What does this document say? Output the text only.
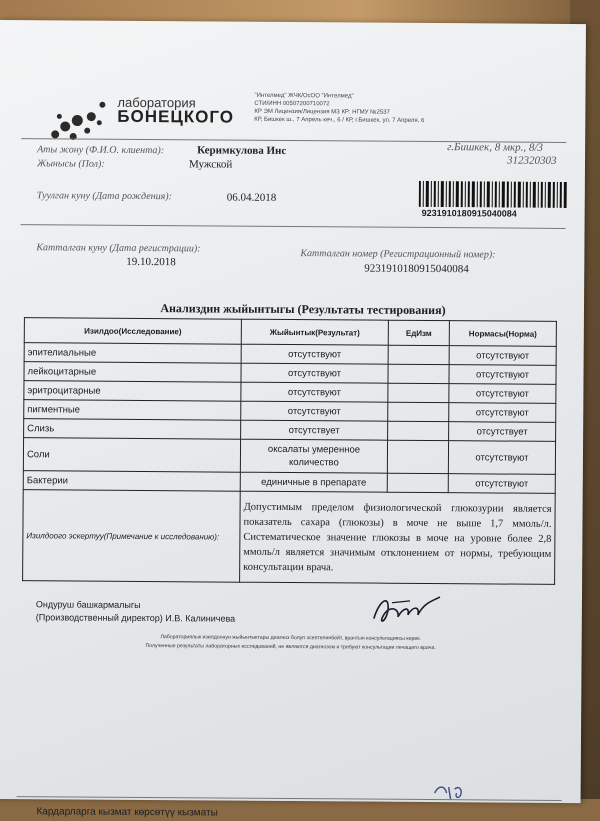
лаборатория
БОНЕЦКОГО
"Интелмед" ЖЧК/ОсОО "Интелмед"
СТИ/ИНН 00507200710072
КР ЭМ Лицензия/Лицензия МЗ КР: НГМУ №2537
КР, Бишкек ш., 7 Апрель кеч., 6 / КР, г.Бишкек, ул. 7 Апреля, 6
Аты жону (Ф.И.О. клиента):	Керимкулова Инс	г.Бишкек, 8 мкр., 8/3
312320303
Жынысы (Пол):	Мужской
9231910180915040084
Туулган куну (Дата рождения):	06.04.2018
Катталган куну (Дата регистрации):
19.10.2018
Катталган номер (Регистрационный номер):
9231910180915040084
Анализдин жыйынтыгы (Результаты тестирования)
Изилдоо(Исследование)	Жыйынтык(Результат)	ЕдИзм	Нормасы(Норма)
эпителиальные	отсутствуют		отсутствуют
лейкоцитарные	отсутствуют		отсутствуют
эритроцитарные	отсутствуют		отсутствуют
пигментные	отсутствуют		отсутствуют
Слизь	отсутствует		отсутствует
Соли	оксалаты умеренное количество		отсутствуют
Бактерии	единичные в препарате		отсутствуют
Изилдоого эскертуу(Примечание к исследованию):	Допустимым пределом физиологической глюкозурии является показатель сахара (глюкозы) в моче не выше 1,7 ммоль/л. Систематическое значение глюкозы в моче на уровне более 2,8 ммоль/л является значимым отклонением от нормы, требующим консультации врача.		
Ондуруш башкармалыгы
(Производственный директор) И.В. Калиничева
Лабораториялык изилдоонун жыйынтыктары диагноз болуп эсептелинбейт, врачтын консультациясы керек.
Полученные результаты лабораторных исследований, не являются диагнозом и требуют консультации лечащего врача.
Кардарларга кызмат көрсөтүү кызматы
